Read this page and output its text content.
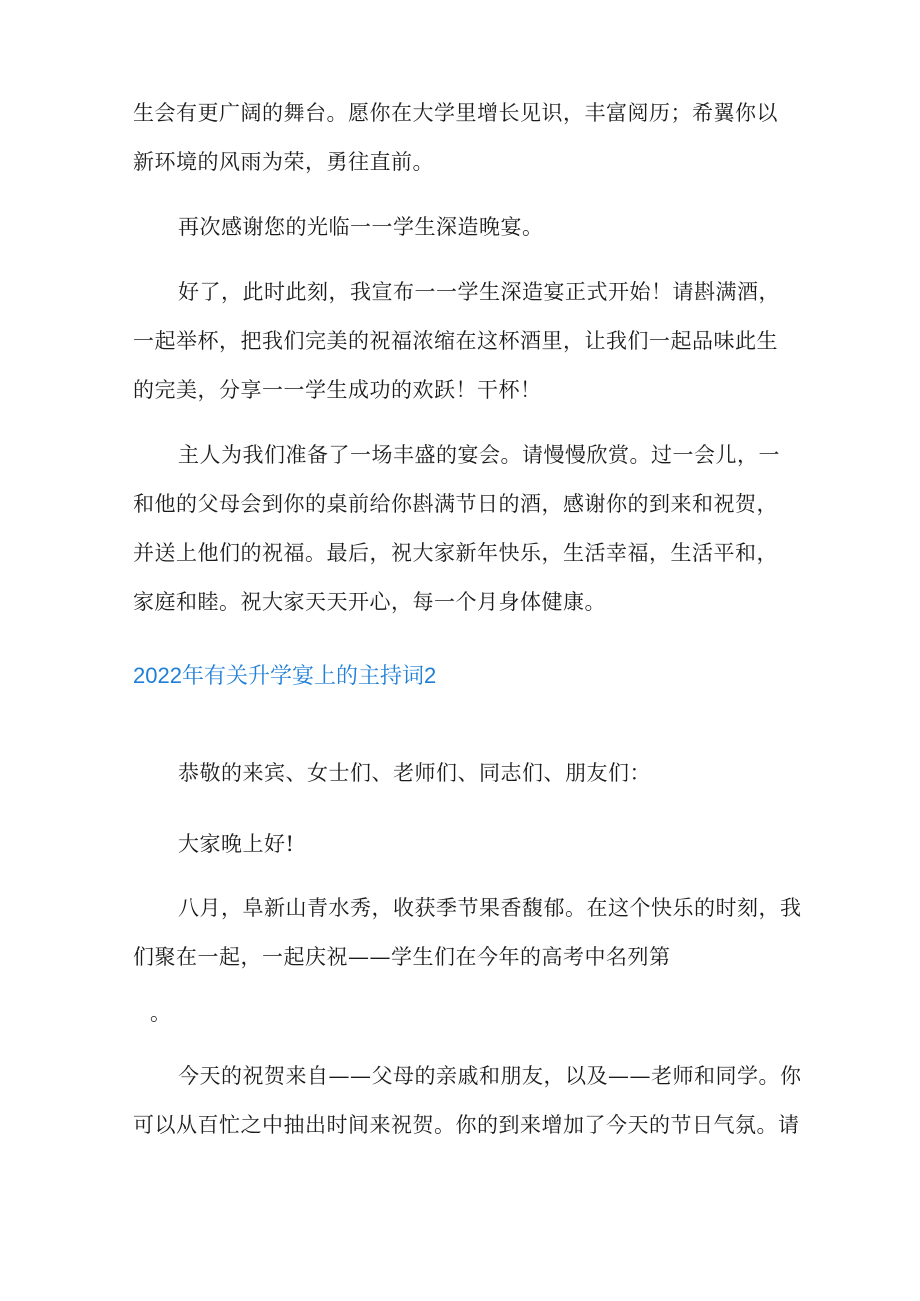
生会有更广阔的舞台。愿你在大学里增长见识，丰富阅历；希翼你以
新环境的风雨为荣，勇往直前。
再次感谢您的光临一一学生深造晚宴。
好了，此时此刻，我宣布一一学生深造宴正式开始！请斟满酒，
一起举杯，把我们完美的祝福浓缩在这杯酒里，让我们一起品味此生
的完美，分享一一学生成功的欢跃！干杯！
主人为我们准备了一场丰盛的宴会。请慢慢欣赏。过一会儿，一
和他的父母会到你的桌前给你斟满节日的酒，感谢你的到来和祝贺，
并送上他们的祝福。最后，祝大家新年快乐，生活幸福，生活平和，
家庭和睦。祝大家天天开心，每一个月身体健康。
2022年有关升学宴上的主持词2
恭敬的来宾、女士们、老师们、同志们、朋友们：
大家晚上好!
八月，阜新山青水秀，收获季节果香馥郁。在这个快乐的时刻，我
们聚在一起，一起庆祝——学生们在今年的高考中名列第
。
今天的祝贺来自——父母的亲戚和朋友，以及——老师和同学。你
可以从百忙之中抽出时间来祝贺。你的到来增加了今天的节日气氛。请
